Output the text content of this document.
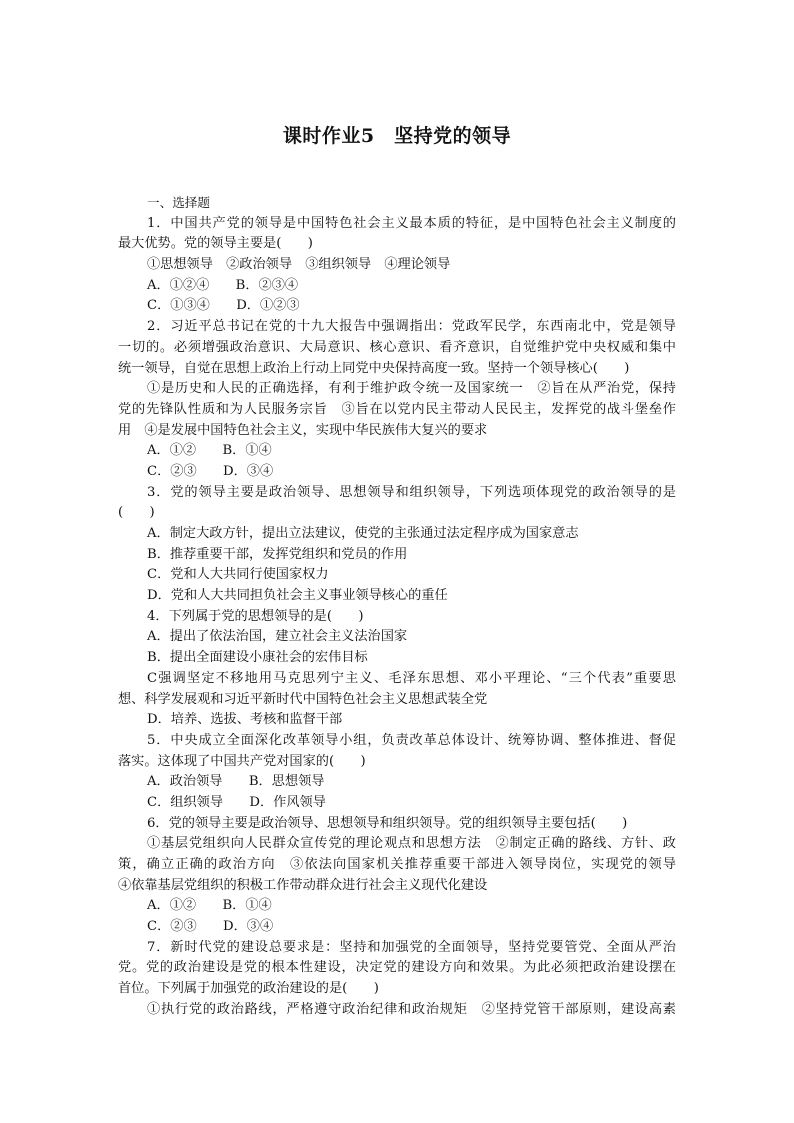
课时作业5　坚持党的领导
一、选择题
1．中国共产党的领导是中国特色社会主义最本质的特征，是中国特色社会主义制度的
最大优势。党的领导主要是(　　)
①思想领导　②政治领导　③组织领导　④理论领导
A．①②④　　B．②③④
C．①③④　　D．①②③
2．习近平总书记在党的十九大报告中强调指出：党政军民学，东西南北中，党是领导
一切的。必须增强政治意识、大局意识、核心意识、看齐意识，自觉维护党中央权威和集中
统一领导，自觉在思想上政治上行动上同党中央保持高度一致。坚持一个领导核心(　　)
①是历史和人民的正确选择，有利于维护政令统一及国家统一　②旨在从严治党，保持
党的先锋队性质和为人民服务宗旨　③旨在以党内民主带动人民民主，发挥党的战斗堡垒作
用　④是发展中国特色社会主义，实现中华民族伟大复兴的要求
A．①②　　B．①④
C．②③　　D．③④
3．党的领导主要是政治领导、思想领导和组织领导，下列选项体现党的政治领导的是
(　　)
A．制定大政方针，提出立法建议，使党的主张通过法定程序成为国家意志
B．推荐重要干部，发挥党组织和党员的作用
C．党和人大共同行使国家权力
D．党和人大共同担负社会主义事业领导核心的重任
4．下列属于党的思想领导的是(　　)
A．提出了依法治国，建立社会主义法治国家
B．提出全面建设小康社会的宏伟目标
C强调坚定不移地用马克思列宁主义、毛泽东思想、邓小平理论、“三个代表”重要思
想、科学发展观和习近平新时代中国特色社会主义思想武装全党
D．培养、选拔、考核和监督干部
5．中央成立全面深化改革领导小组，负责改革总体设计、统筹协调、整体推进、督促
落实。这体现了中国共产党对国家的(　　)
A．政治领导　　B．思想领导
C．组织领导　　D．作风领导
6．党的领导主要是政治领导、思想领导和组织领导。党的组织领导主要包括(　　)
①基层党组织向人民群众宣传党的理论观点和思想方法　②制定正确的路线、方针、政
策，确立正确的政治方向　③依法向国家机关推荐重要干部进入领导岗位，实现党的领导
④依靠基层党组织的积极工作带动群众进行社会主义现代化建设
A．①②　　B．①④
C．②③　　D．③④
7．新时代党的建设总要求是：坚持和加强党的全面领导，坚持党要管党、全面从严治
党。党的政治建设是党的根本性建设，决定党的建设方向和效果。为此必须把政治建设摆在
首位。下列属于加强党的政治建设的是(　　)
①执行党的政治路线，严格遵守政治纪律和政治规矩　②坚持党管干部原则，建设高素
